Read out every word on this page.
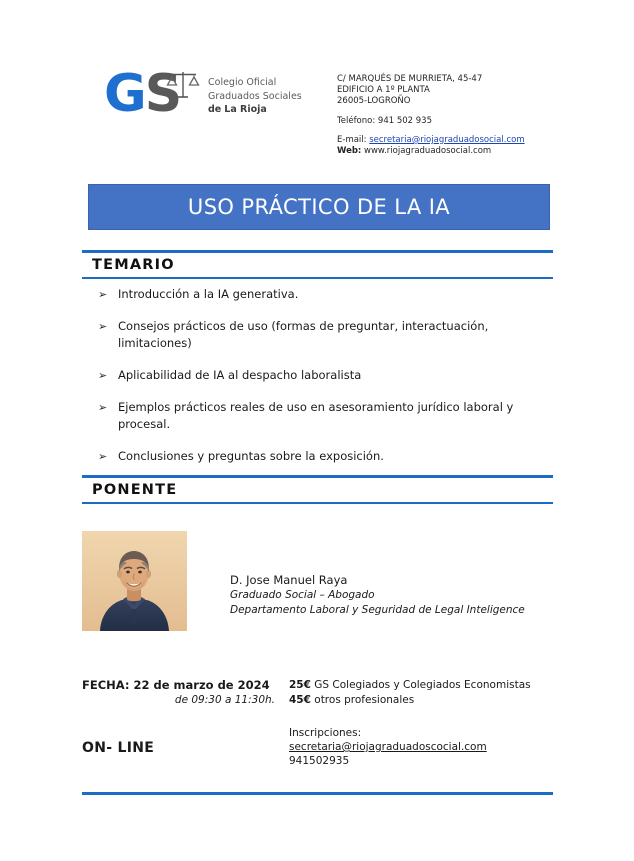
GS	Colegio Oficial
Graduados Sociales
de La Rioja
C/ MARQUÉS DE MURRIETA, 45-47
EDIFICIO A 1º PLANTA
26005-LOGROÑO
Teléfono: 941 502 935
E-mail: secretaria@riojagraduadosocial.com
Web: www.riojagraduadosocial.com
USO PRÁCTICO DE LA IA
TEMARIO
➢ Introducción a la IA generativa.
➢ Consejos prácticos de uso (formas de preguntar, interactuación, limitaciones)
➢ Aplicabilidad de IA al despacho laboralista
➢ Ejemplos prácticos reales de uso en asesoramiento jurídico laboral y procesal.
➢ Conclusiones y preguntas sobre la exposición.
PONENTE
D. Jose Manuel Raya
Graduado Social – Abogado
Departamento Laboral y Seguridad de Legal Inteligence
FECHA: 22 de marzo de 2024
de 09:30 a 11:30h.
ON- LINE
25€ GS Colegiados y Colegiados Economistas
45€ otros profesionales
Inscripciones:
secretaria@riojagraduadoscocial.com
941502935
